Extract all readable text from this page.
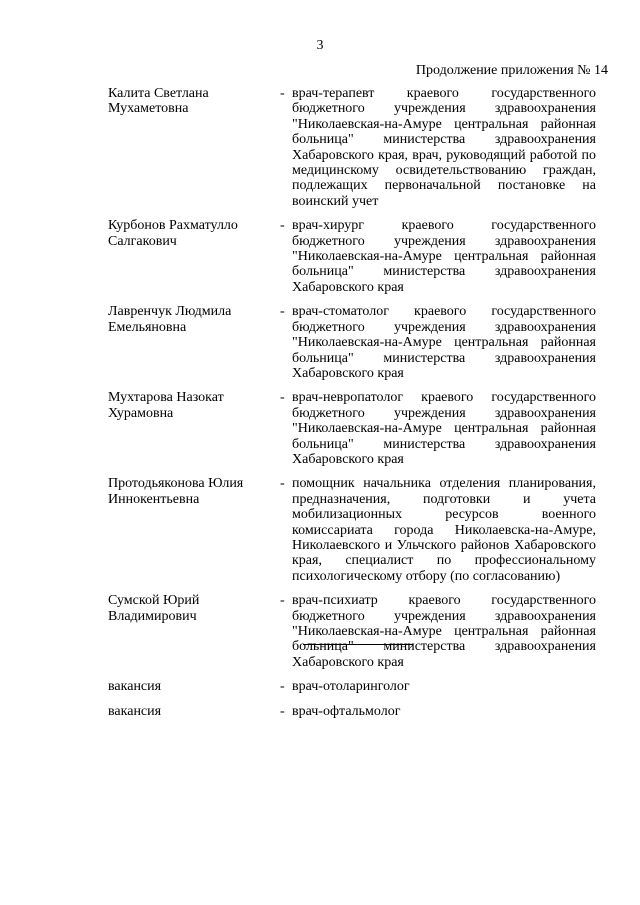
3
Продолжение приложения № 14
Калита Светлана
Мухаметовна
- врач-терапевт краевого государственного бюджетного учреждения здравоохранения "Николаевская-на-Амуре центральная районная больница" министерства здравоохранения Хабаровского края, врач, руководящий работой по медицинскому освидетельствованию граждан, подлежащих первоначальной постановке на воинский учет
Курбонов Рахматулло
Салгакович
- врач-хирург краевого государственного бюджетного учреждения здравоохранения "Николаевская-на-Амуре центральная районная больница" министерства здравоохранения Хабаровского края
Лавренчук Людмила
Емельяновна
- врач-стоматолог краевого государственного бюджетного учреждения здравоохранения "Николаевская-на-Амуре центральная районная больница" министерства здравоохранения Хабаровского края
Мухтарова Назокат
Хурамовна
- врач-невропатолог краевого государственного бюджетного учреждения здравоохранения "Николаевская-на-Амуре центральная районная больница" министерства здравоохранения Хабаровского края
Протодьяконова Юлия
Иннокентьевна
- помощник начальника отделения планирования, предназначения, подготовки и учета мобилизационных ресурсов военного комиссариата города Николаевска-на-Амуре, Николаевского и Ульчского районов Хабаровского края, специалист по профессиональному психологическому отбору (по согласованию)
Сумской Юрий
Владимирович
- врач-психиатр краевого государственного бюджетного учреждения здравоохранения "Николаевская-на-Амуре центральная районная больница" министерства здравоохранения Хабаровского края
вакансия	- врач-отоларинголог
вакансия	- врач-офтальмолог
